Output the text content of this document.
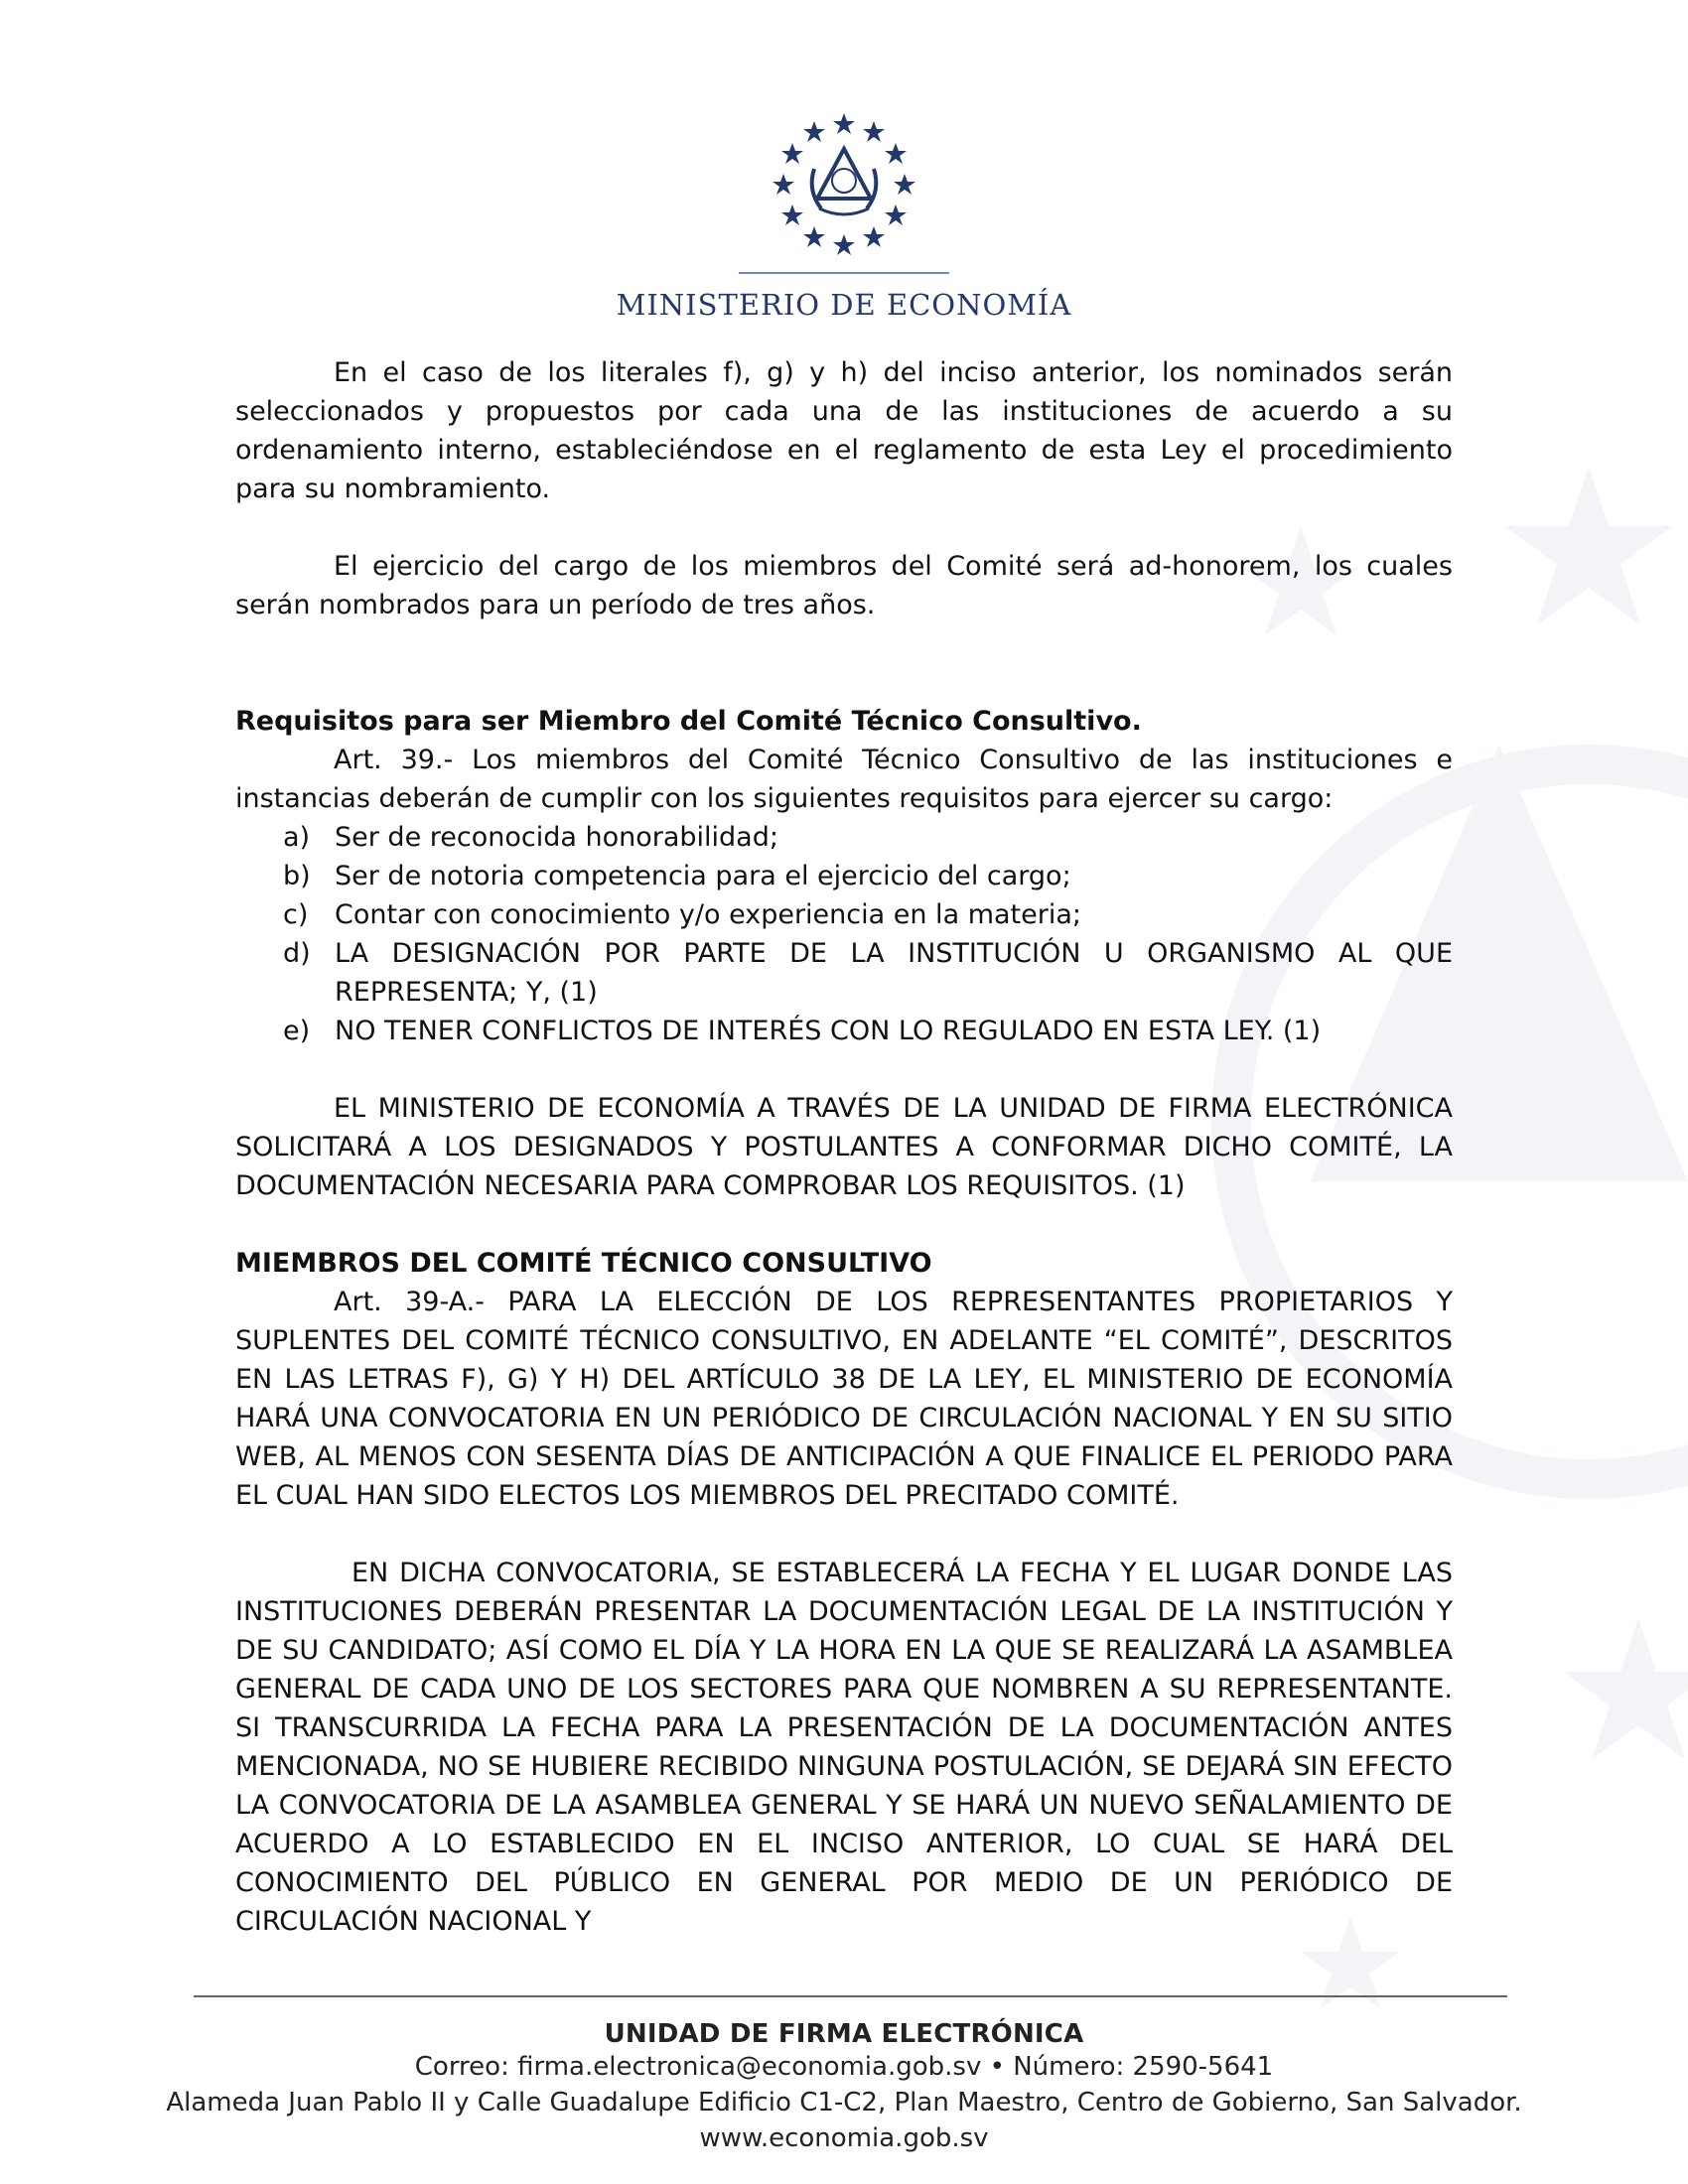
MINISTERIO DE ECONOMÍA

En el caso de los literales f), g) y h) del inciso anterior, los nominados serán seleccionados y propuestos por cada una de las instituciones de acuerdo a su ordenamiento interno, estableciéndose en el reglamento de esta Ley el procedimiento para su nombramiento.

El ejercicio del cargo de los miembros del Comité será ad-honorem, los cuales serán nombrados para un período de tres años.

Requisitos para ser Miembro del Comité Técnico Consultivo.

Art. 39.- Los miembros del Comité Técnico Consultivo de las instituciones e instancias deberán de cumplir con los siguientes requisitos para ejercer su cargo:

a) Ser de reconocida honorabilidad;
b) Ser de notoria competencia para el ejercicio del cargo;
c) Contar con conocimiento y/o experiencia en la materia;
d) LA DESIGNACIÓN POR PARTE DE LA INSTITUCIÓN U ORGANISMO AL QUE REPRESENTA; Y, (1)
e) NO TENER CONFLICTOS DE INTERÉS CON LO REGULADO EN ESTA LEY. (1)

EL MINISTERIO DE ECONOMÍA A TRAVÉS DE LA UNIDAD DE FIRMA ELECTRÓNICA SOLICITARÁ A LOS DESIGNADOS Y POSTULANTES A CONFORMAR DICHO COMITÉ, LA DOCUMENTACIÓN NECESARIA PARA COMPROBAR LOS REQUISITOS. (1)

MIEMBROS DEL COMITÉ TÉCNICO CONSULTIVO

Art. 39-A.- PARA LA ELECCIÓN DE LOS REPRESENTANTES PROPIETARIOS Y SUPLENTES DEL COMITÉ TÉCNICO CONSULTIVO, EN ADELANTE “EL COMITÉ”, DESCRITOS EN LAS LETRAS F), G) Y H) DEL ARTÍCULO 38 DE LA LEY, EL MINISTERIO DE ECONOMÍA HARÁ UNA CONVOCATORIA EN UN PERIÓDICO DE CIRCULACIÓN NACIONAL Y EN SU SITIO WEB, AL MENOS CON SESENTA DÍAS DE ANTICIPACIÓN A QUE FINALICE EL PERIODO PARA EL CUAL HAN SIDO ELECTOS LOS MIEMBROS DEL PRECITADO COMITÉ.

EN DICHA CONVOCATORIA, SE ESTABLECERÁ LA FECHA Y EL LUGAR DONDE LAS INSTITUCIONES DEBERÁN PRESENTAR LA DOCUMENTACIÓN LEGAL DE LA INSTITUCIÓN Y DE SU CANDIDATO; ASÍ COMO EL DÍA Y LA HORA EN LA QUE SE REALIZARÁ LA ASAMBLEA GENERAL DE CADA UNO DE LOS SECTORES PARA QUE NOMBREN A SU REPRESENTANTE. SI TRANSCURRIDA LA FECHA PARA LA PRESENTACIÓN DE LA DOCUMENTACIÓN ANTES MENCIONADA, NO SE HUBIERE RECIBIDO NINGUNA POSTULACIÓN, SE DEJARÁ SIN EFECTO LA CONVOCATORIA DE LA ASAMBLEA GENERAL Y SE HARÁ UN NUEVO SEÑALAMIENTO DE ACUERDO A LO ESTABLECIDO EN EL INCISO ANTERIOR, LO CUAL SE HARÁ DEL CONOCIMIENTO DEL PÚBLICO EN GENERAL POR MEDIO DE UN PERIÓDICO DE CIRCULACIÓN NACIONAL Y

UNIDAD DE FIRMA ELECTRÓNICA
Correo: firma.electronica@economia.gob.sv • Número: 2590-5641
Alameda Juan Pablo II y Calle Guadalupe Edificio C1-C2, Plan Maestro, Centro de Gobierno, San Salvador.
www.economia.gob.sv
